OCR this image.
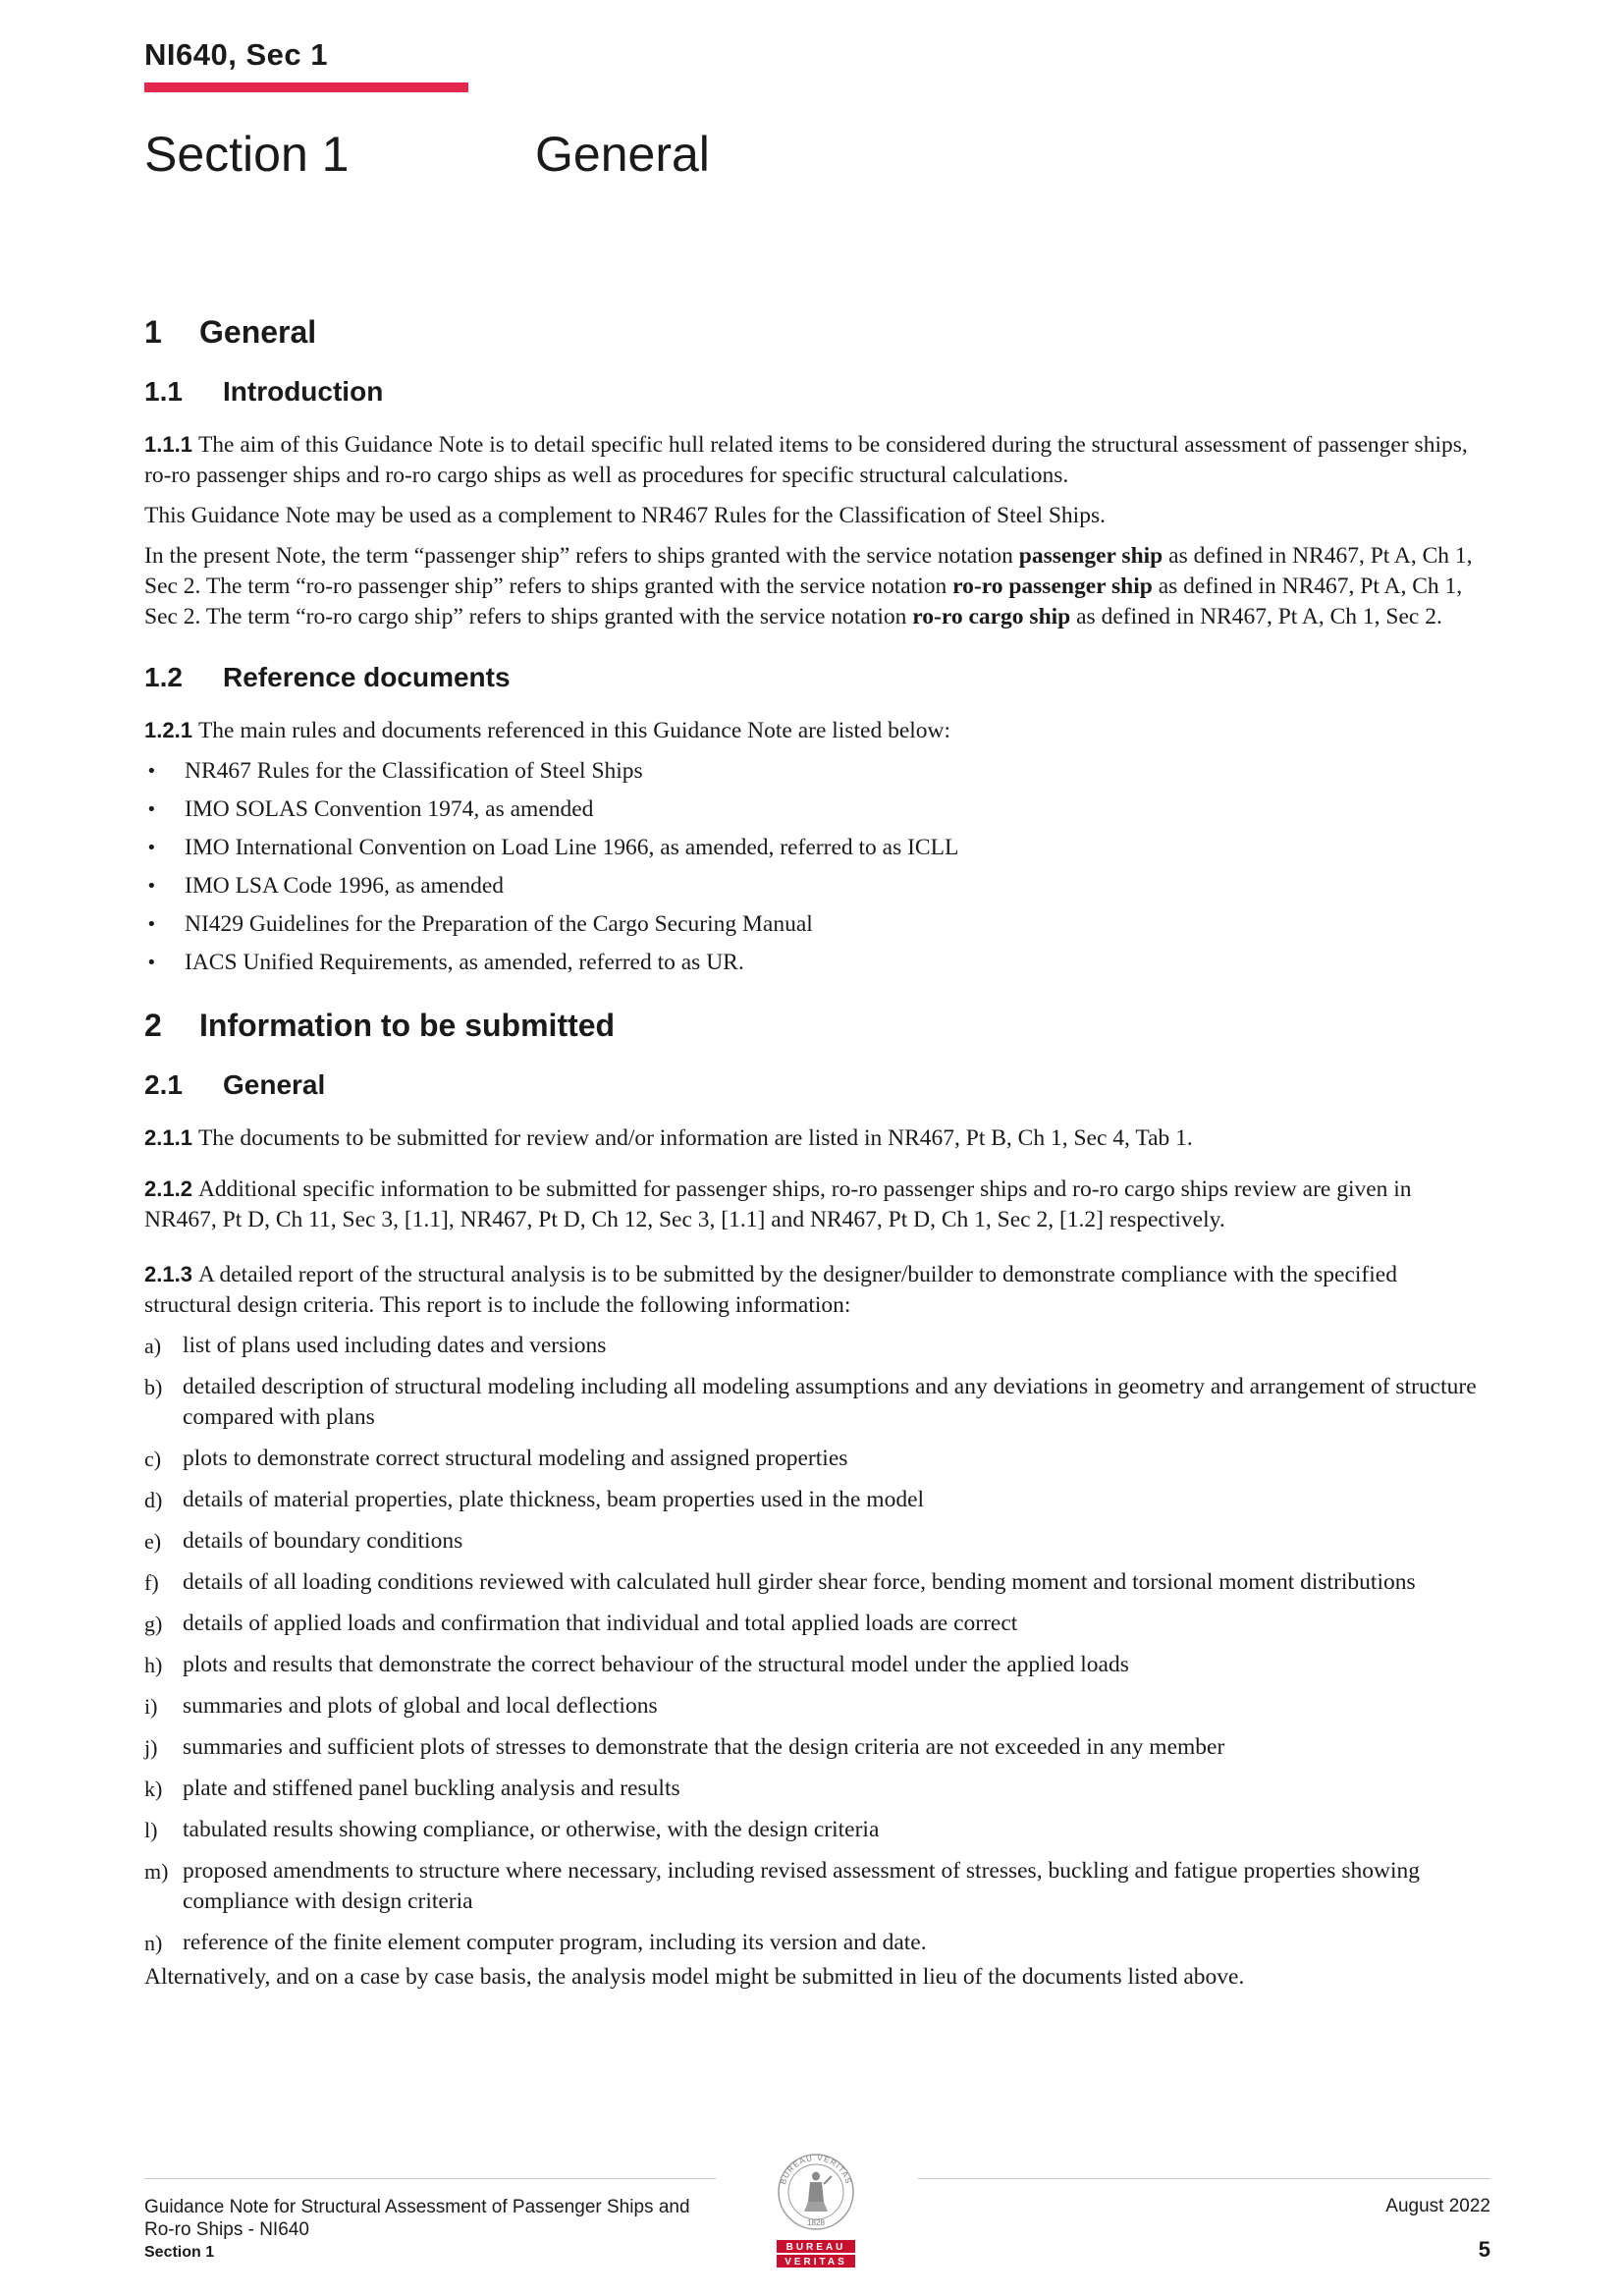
NI640, Sec 1
Section 1	General
1	General
1.1	Introduction

1.1.1 The aim of this Guidance Note is to detail specific hull related items to be considered during the structural assessment of passenger ships, ro-ro passenger ships and ro-ro cargo ships as well as procedures for specific structural calculations.

This Guidance Note may be used as a complement to NR467 Rules for the Classification of Steel Ships.

In the present Note, the term “passenger ship” refers to ships granted with the service notation passenger ship as defined in NR467, Pt A, Ch 1, Sec 2. The term “ro-ro passenger ship” refers to ships granted with the service notation ro-ro passenger ship as defined in NR467, Pt A, Ch 1, Sec 2. The term “ro-ro cargo ship” refers to ships granted with the service notation ro-ro cargo ship as defined in NR467, Pt A, Ch 1, Sec 2.

1.2	Reference documents

1.2.1 The main rules and documents referenced in this Guidance Note are listed below:

•	NR467 Rules for the Classification of Steel Ships
•	IMO SOLAS Convention 1974, as amended
•	IMO International Convention on Load Line 1966, as amended, referred to as ICLL
•	IMO LSA Code 1996, as amended
•	NI429 Guidelines for the Preparation of the Cargo Securing Manual
•	IACS Unified Requirements, as amended, referred to as UR.
2	Information to be submitted
2.1	General

2.1.1 The documents to be submitted for review and/or information are listed in NR467, Pt B, Ch 1, Sec 4, Tab 1.

2.1.2 Additional specific information to be submitted for passenger ships, ro-ro passenger ships and ro-ro cargo ships review are given in NR467, Pt D, Ch 11, Sec 3, [1.1], NR467, Pt D, Ch 12, Sec 3, [1.1] and NR467, Pt D, Ch 1, Sec 2, [1.2] respectively.

2.1.3 A detailed report of the structural analysis is to be submitted by the designer/builder to demonstrate compliance with the specified structural design criteria. This report is to include the following information:

a) list of plans used including dates and versions
b) detailed description of structural modeling including all modeling assumptions and any deviations in geometry and arrangement of structure compared with plans
c) plots to demonstrate correct structural modeling and assigned properties
d) details of material properties, plate thickness, beam properties used in the model
e) details of boundary conditions
f)	details of all loading conditions reviewed with calculated hull girder shear force, bending moment and torsional moment distributions
g) details of applied loads and confirmation that individual and total applied loads are correct
h) plots and results that demonstrate the correct behaviour of the structural model under the applied loads
i)	summaries and plots of global and local deflections
j)	summaries and sufficient plots of stresses to demonstrate that the design criteria are not exceeded in any member
k) plate and stiffened panel buckling analysis and results
l)	tabulated results showing compliance, or otherwise, with the design criteria
m) proposed amendments to structure where necessary, including revised assessment of stresses, buckling and fatigue properties showing compliance with design criteria
n) reference of the finite element computer program, including its version and date.

Alternatively, and on a case by case basis, the analysis model might be submitted in lieu of the documents listed above.

Guidance Note for Structural Assessment of Passenger Ships and
Ro-ro Ships - NI640
Section 1
BUREAU VERITAS
1828
BUREAU
VERITAS
August 2022
5
